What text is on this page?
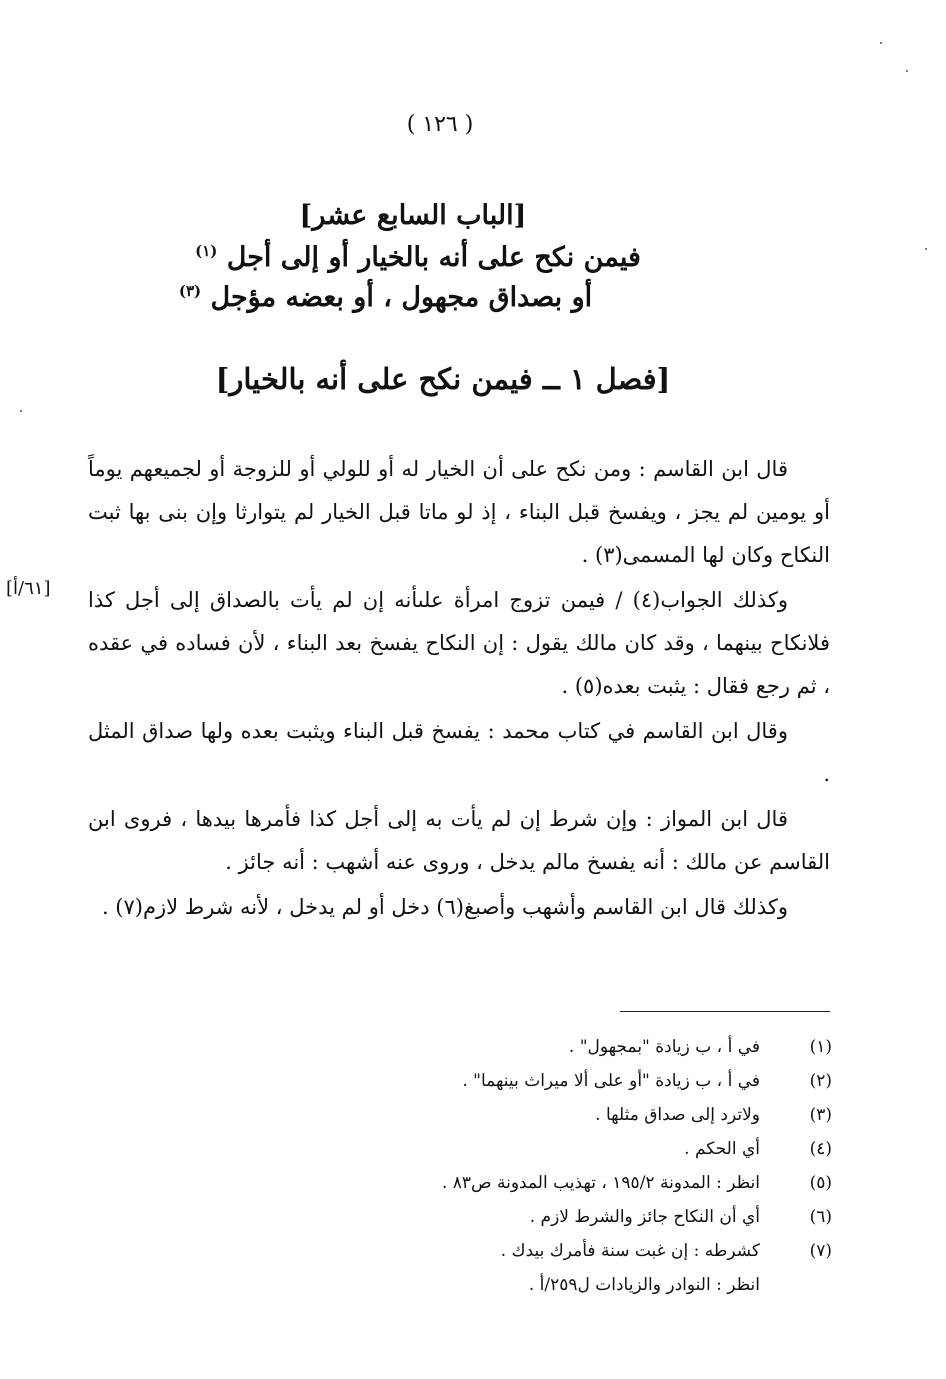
( ١٢٦ )
[الباب السابع عشر]
فيمن نكح على أنه بالخيار أو إلى أجل $^{(١)}$
أو بصداق مجهول ، أو بعضه مؤجل $^{(٣)}$
[فصل ١ ــ فيمن نكح على أنه بالخيار]
[٦١/أ]

قال ابن القاسم : ومن نكح على أن الخيار له أو للولي أو للزوجة أو لجميعهم يوماً أو يومين لم يجز ، ويفسخ قبل البناء ، إذ لو ماتا قبل الخيار لم يتوارثا وإن بنى بها ثبت النكاح وكان لها المسمى(٣) .

وكذلك الجواب(٤) / فيمن تزوج امرأة علىأنه إن لم يأت بالصداق إلى أجل كذا فلانكاح بينهما ، وقد كان مالك يقول : إن النكاح يفسخ بعد البناء ، لأن فساده في عقده ، ثم رجع فقال : يثبت بعده(٥) .

وقال ابن القاسم في كتاب محمد : يفسخ قبل البناء ويثبت بعده ولها صداق المثل .

قال ابن المواز : وإن شرط إن لم يأت به إلى أجل كذا فأمرها بيدها ، فروى ابن القاسم عن مالك : أنه يفسخ مالم يدخل ، وروى عنه أشهب : أنه جائز .

وكذلك قال ابن القاسم وأشهب وأصبغ(٦) دخل أو لم يدخل ، لأنه شرط لازم(٧) .

(١)
في أ ، ب زيادة "بمجهول" .
(٢)
في أ ، ب زيادة "أو على ألا ميراث بينهما" .
(٣)
ولاترد إلى صداق مثلها .
(٤)
أي الحكم .
(٥)
انظر : المدونة ١٩٥/٢ ، تهذيب المدونة ص٨٣ .
(٦)
أي أن النكاح جائز والشرط لازم .
(٧)
كشرطه : إن غبت سنة فأمرك بيدك .
انظر : النوادر والزيادات ل٢٥٩/أ .
